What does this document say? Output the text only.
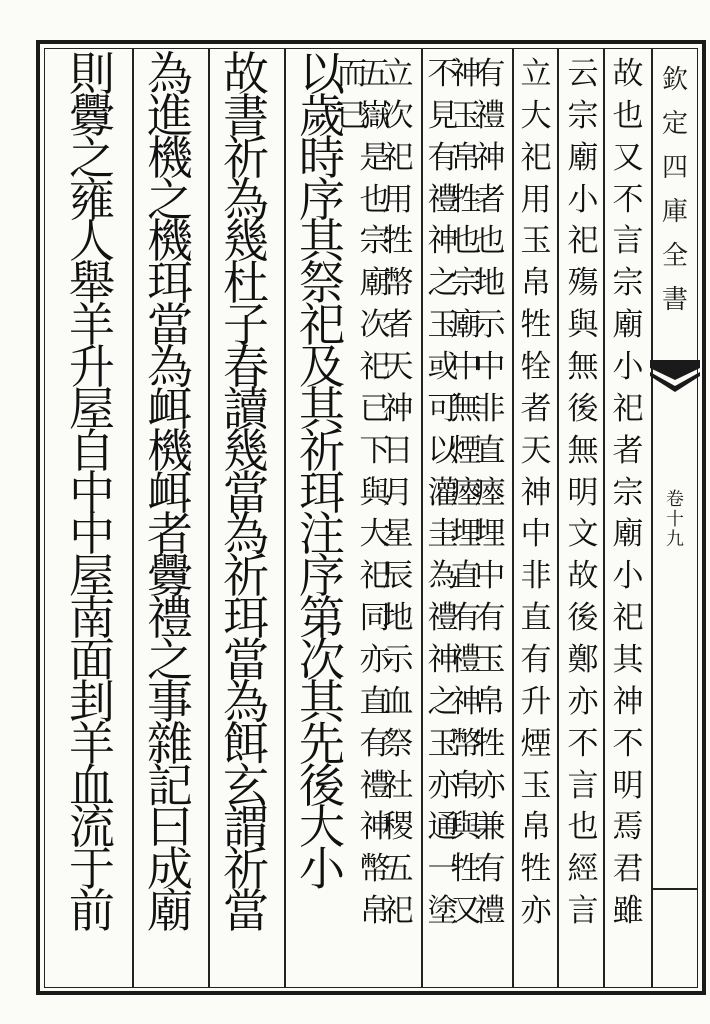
欽
定
四
庫
全
書
卷
十
九
故
也
又
不
言
宗
廟
小
祀
者
宗
廟
小
祀
其
神
不
明
焉
君
雖
云
宗
廟
小
祀
殤
與
無
後
無
明
文
故
後
鄭
亦
不
言
也
經
言
立
大
祀
用
玉
帛
牲
牷
者
天
神
中
非
直
有
升
煙
玉
帛
牲
亦
有
禮
神
者
也
地
示
中
非
直
瘞
埋
中
有
玉
帛
牲
亦
兼
有
禮
神
玉
帛
牲
也
宗
廟
中
無
煙
瘞
埋
直
有
禮
神
幣
帛
與
牲
又
不
見
有
禮
神
之
玉
或
可
以
灌
圭
為
禮
神
之
玉
亦
通
一
塗
立
次
祀
用
牲
幣
者
天
神
日
月
星
辰
地
示
血
祭
社
稷
五
祀
五
嶽
是
也
宗
廟
次
祀
已
下
與
大
祀
同
亦
直
有
禮
神
幣
帛
而
已
以
歲
時
序
其
祭
祀
及
其
祈
珥
注
序
第
次
其
先
後
大
小
故
書
祈
為
幾
杜
子
春
讀
幾
當
為
祈
珥
當
為
餌
玄
謂
祈
當
為
進
機
之
機
珥
當
為
衈
機
衈
者
釁
禮
之
事
雜
記
曰
成
廟
則
釁
之
雍
人
舉
羊
升
屋
自
中
中
屋
南
面
刲
羊
血
流
于
前
